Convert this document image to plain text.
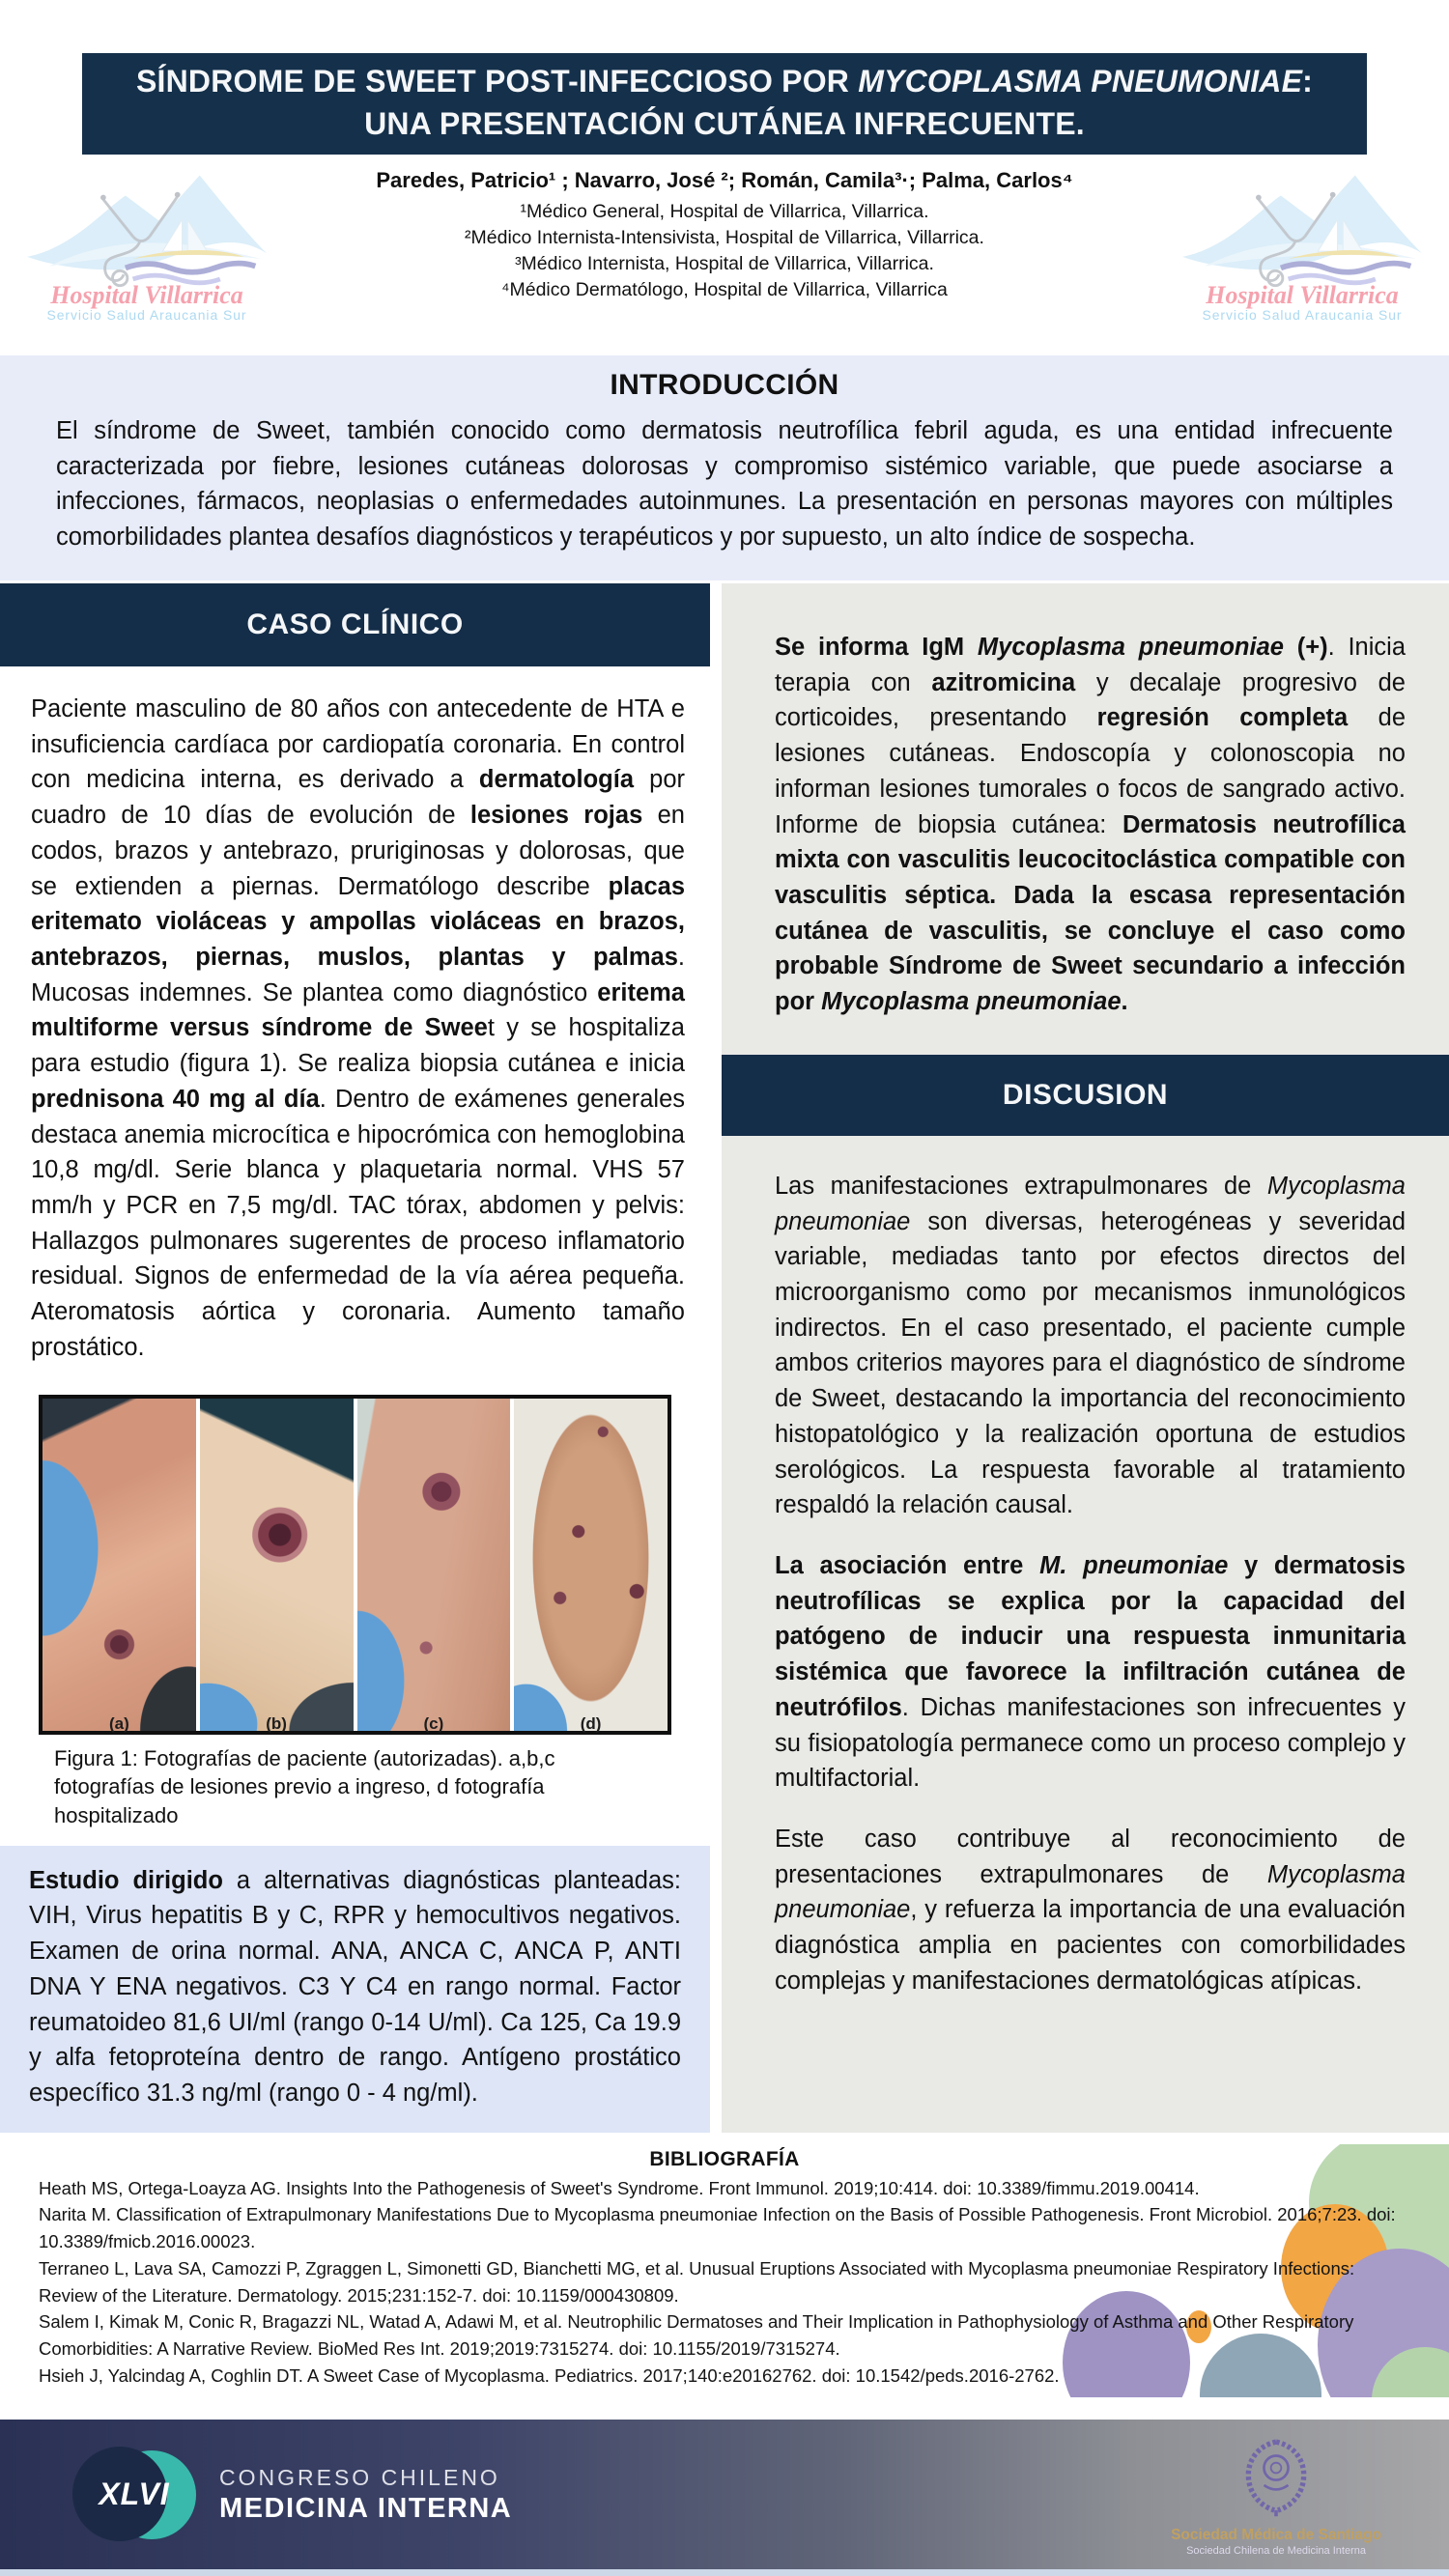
SÍNDROME DE SWEET POST-INFECCIOSO POR MYCOPLASMA PNEUMONIAE:
UNA PRESENTACIÓN CUTÁNEA INFRECUENTE.
Hospital Villarrica
Servicio Salud Araucania Sur
Hospital Villarrica
Servicio Salud Araucania Sur
Paredes, Patricio¹ ; Navarro, José ²; Román, Camila³·; Palma, Carlos⁴
¹Médico General, Hospital de Villarrica, Villarrica.
²Médico Internista-Intensivista, Hospital de Villarrica, Villarrica.
³Médico Internista, Hospital de Villarrica, Villarrica.
⁴Médico Dermatólogo, Hospital de Villarrica, Villarrica
INTRODUCCIÓN

El síndrome de Sweet, también conocido como dermatosis neutrofílica febril aguda, es una entidad infrecuente caracterizada por fiebre, lesiones cutáneas dolorosas y compromiso sistémico variable, que puede asociarse a infecciones, fármacos, neoplasias o enfermedades autoinmunes. La presentación en personas mayores con múltiples comorbilidades plantea desafíos diagnósticos y terapéuticos y por supuesto, un alto índice de sospecha.

CASO CLÍNICO

Paciente masculino de 80 años con antecedente de HTA e insuficiencia cardíaca por cardiopatía coronaria. En control con medicina interna, es derivado a dermatología por cuadro de 10 días de evolución de lesiones rojas en codos, brazos y antebrazo, pruriginosas y dolorosas, que se extienden a piernas. Dermatólogo describe placas eritemato violáceas y ampollas violáceas en brazos, antebrazos, piernas, muslos, plantas y palmas. Mucosas indemnes. Se plantea como diagnóstico eritema multiforme versus síndrome de Sweet y se hospitaliza para estudio (figura 1). Se realiza biopsia cutánea e inicia prednisona 40 mg al día. Dentro de exámenes generales destaca anemia microcítica e hipocrómica con hemoglobina 10,8 mg/dl. Serie blanca y plaquetaria normal. VHS 57 mm/h y PCR en 7,5 mg/dl. TAC tórax, abdomen y pelvis: Hallazgos pulmonares sugerentes de proceso inflamatorio residual. Signos de enfermedad de la vía aérea pequeña. Ateromatosis aórtica y coronaria. Aumento tamaño prostático.

(a)	(b)	(c)	(d)
Figura 1: Fotografías de paciente (autorizadas). a,b,c fotografías de lesiones previo a ingreso, d fotografía hospitalizado

Estudio dirigido a alternativas diagnósticas planteadas: VIH, Virus hepatitis B y C, RPR y hemocultivos negativos. Examen de orina normal. ANA, ANCA C, ANCA P, ANTI DNA Y ENA negativos. C3 Y C4 en rango normal. Factor reumatoideo 81,6 UI/ml (rango 0-14 U/ml). Ca 125, Ca 19.9 y alfa fetoproteína dentro de rango. Antígeno prostático específico 31.3 ng/ml (rango 0 - 4 ng/ml).

Se informa IgM Mycoplasma pneumoniae (+). Inicia terapia con azitromicina y decalaje progresivo de corticoides, presentando regresión completa de lesiones cutáneas. Endoscopía y colonoscopia no informan lesiones tumorales o focos de sangrado activo. Informe de biopsia cutánea: Dermatosis neutrofílica mixta con vasculitis leucocitoclástica compatible con vasculitis séptica. Dada la escasa representación cutánea de vasculitis, se concluye el caso como probable Síndrome de Sweet secundario a infección por Mycoplasma pneumoniae.

DISCUSION

Las manifestaciones extrapulmonares de Mycoplasma pneumoniae son diversas, heterogéneas y severidad variable, mediadas tanto por efectos directos del microorganismo como por mecanismos inmunológicos indirectos. En el caso presentado, el paciente cumple ambos criterios mayores para el diagnóstico de síndrome de Sweet, destacando la importancia del reconocimiento histopatológico y la realización oportuna de estudios serológicos. La respuesta favorable al tratamiento respaldó la relación causal.

La asociación entre M. pneumoniae y dermatosis neutrofílicas se explica por la capacidad del patógeno de inducir una respuesta inmunitaria sistémica que favorece la infiltración cutánea de neutrófilos. Dichas manifestaciones son infrecuentes y su fisiopatología permanece como un proceso complejo y multifactorial.

Este caso contribuye al reconocimiento de presentaciones extrapulmonares de Mycoplasma pneumoniae, y refuerza la importancia de una evaluación diagnóstica amplia en pacientes con comorbilidades complejas y manifestaciones dermatológicas atípicas.

BIBLIOGRAFÍA
Heath MS, Ortega-Loayza AG. Insights Into the Pathogenesis of Sweet's Syndrome. Front Immunol. 2019;10:414. doi: 10.3389/fimmu.2019.00414.
Narita M. Classification of Extrapulmonary Manifestations Due to Mycoplasma pneumoniae Infection on the Basis of Possible Pathogenesis. Front Microbiol. 2016;7:23. doi: 10.3389/fmicb.2016.00023.
Terraneo L, Lava SA, Camozzi P, Zgraggen L, Simonetti GD, Bianchetti MG, et al. Unusual Eruptions Associated with Mycoplasma pneumoniae Respiratory Infections: Review of the Literature. Dermatology. 2015;231:152-7. doi: 10.1159/000430809.
Salem I, Kimak M, Conic R, Bragazzi NL, Watad A, Adawi M, et al. Neutrophilic Dermatoses and Their Implication in Pathophysiology of Asthma and Other Respiratory Comorbidities: A Narrative Review. BioMed Res Int. 2019;2019:7315274. doi: 10.1155/2019/7315274.
Hsieh J, Yalcindag A, Coghlin DT. A Sweet Case of Mycoplasma. Pediatrics. 2017;140:e20162762. doi: 10.1542/peds.2016-2762.
XLVI	CONGRESO CHILENO
MEDICINA INTERNA
Sociedad Médica de Santiago
Sociedad Chilena de Medicina Interna
